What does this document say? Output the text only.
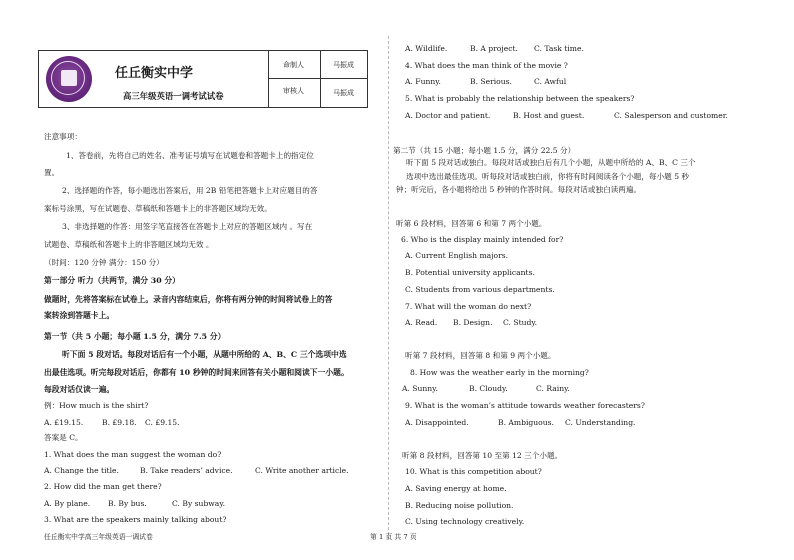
任丘衡实中学
高三年级英语一调考试试卷
命制人	马振成
审核人	马振成
注意事项：
1、答卷前，先将自己的姓名、准考证号填写在试题卷和答题卡上的指定位
置。
2、选择题的作答，每小题选出答案后，用 2B 铅笔把答题卡上对应题目的答
案标号涂黑，写在试题卷、草稿纸和答题卡上的非答题区域均无效。
3、非选择题的作答：用签字笔直接答在答题卡上对应的答题区域内 。写在
试题卷、草稿纸和答题卡上的非答题区域均无效 。
（时间：120 分钟 满分：150 分）
第一部分 听力（共两节，满分 30 分）
做题时，先将答案标在试卷上。录音内容结束后，你将有两分钟的时间将试卷上的答
案转涂到答题卡上。
第一节（共 5 小题；每小题 1.5 分，满分 7.5 分）
听下面 5 段对话。每段对话后有一个小题，从题中所给的 A、B、C 三个选项中选
出最佳选项。听完每段对话后，你都有 10 秒钟的时间来回答有关小题和阅读下一小题。
每段对话仅读一遍。
例：How much is the shirt?
A. £19.15. B. £9.18. C. £9.15.
答案是 C。
1. What does the man suggest the woman do?
A. Change the title.	B. Take readers’ advice.	C. Write another article.
2. How did the man get there?
A. By plane. B. By bus.	C. By subway.
3. What are the speakers mainly talking about?
A. Wildlife.	B. A project. C. Task time.
4. What does the man think of the movie ?
A. Funny.	B. Serious.	C. Awful
5. What is probably the relationship between the speakers?
A. Doctor and patient.	B. Host and guest.	C. Salesperson and customer.
第二节（共 15 小题；每小题 1.5 分，满分 22.5 分）
听下面 5 段对话或独白。每段对话或独白后有几个小题，从题中所给的 A、B、C 三个
选项中选出最佳选项。听每段对话或独白前，你将有时间阅读各个小题，每小题 5 秒
钟；听完后，各小题将给出 5 秒钟的作答时间。每段对话或独白读两遍。
听第 6 段材料，回答第 6 和第 7 两个小题。
6. Who is the display mainly intended for?
A. Current English majors.
B. Potential university applicants.
C. Students from various departments.
7. What will the woman do next?
A. Read. B. Design. C. Study.
听第 7 段材料，回答第 8 和第 9 两个小题。
8. How was the weather early in the morning?
A. Sunny.	B. Cloudy.	C. Rainy.
9. What is the woman’s attitude towards weather forecasters?
A. Disappointed.	B. Ambiguous. C. Understanding.
听第 8 段材料，回答第 10 至第 12 三个小题。
10. What is this competition about?
A. Saving energy at home.
B. Reducing noise pollution.
C. Using technology creatively.
任丘衡实中学高三年级英语一调试卷	第 1 页 共 7 页
